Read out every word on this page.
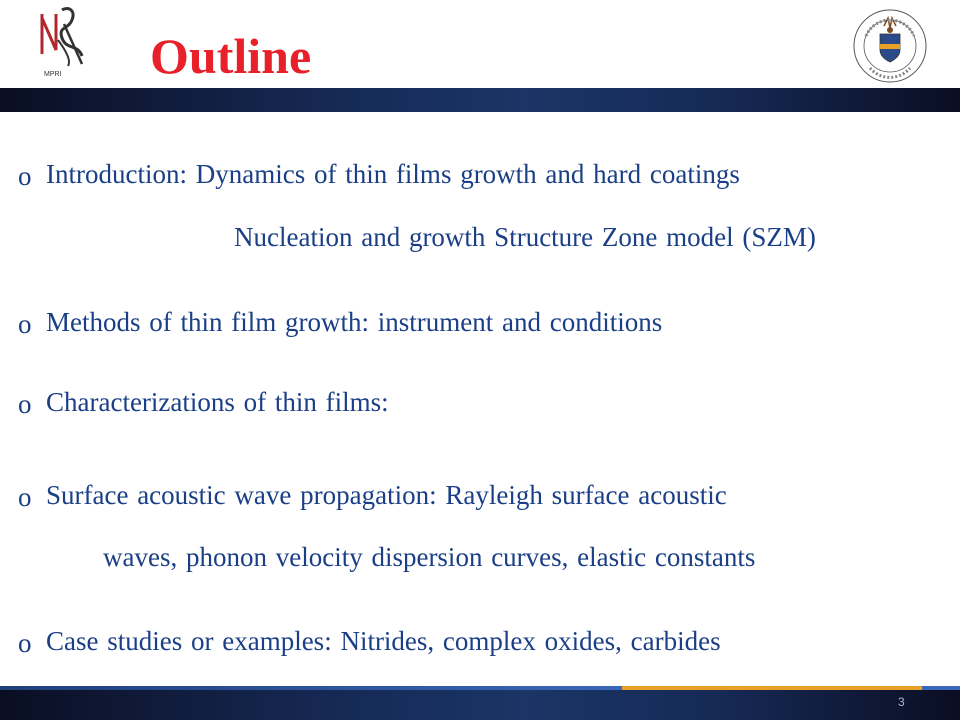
MPRI Outline
o Introduction: Dynamics of thin films growth and hard coatings
Nucleation and growth Structure Zone model (SZM)
o Methods of thin film growth: instrument and conditions
o Characterizations of thin films:
o Surface acoustic wave propagation: Rayleigh surface acoustic
waves, phonon velocity dispersion curves, elastic constants
o Case studies or examples: Nitrides, complex oxides, carbides
3
